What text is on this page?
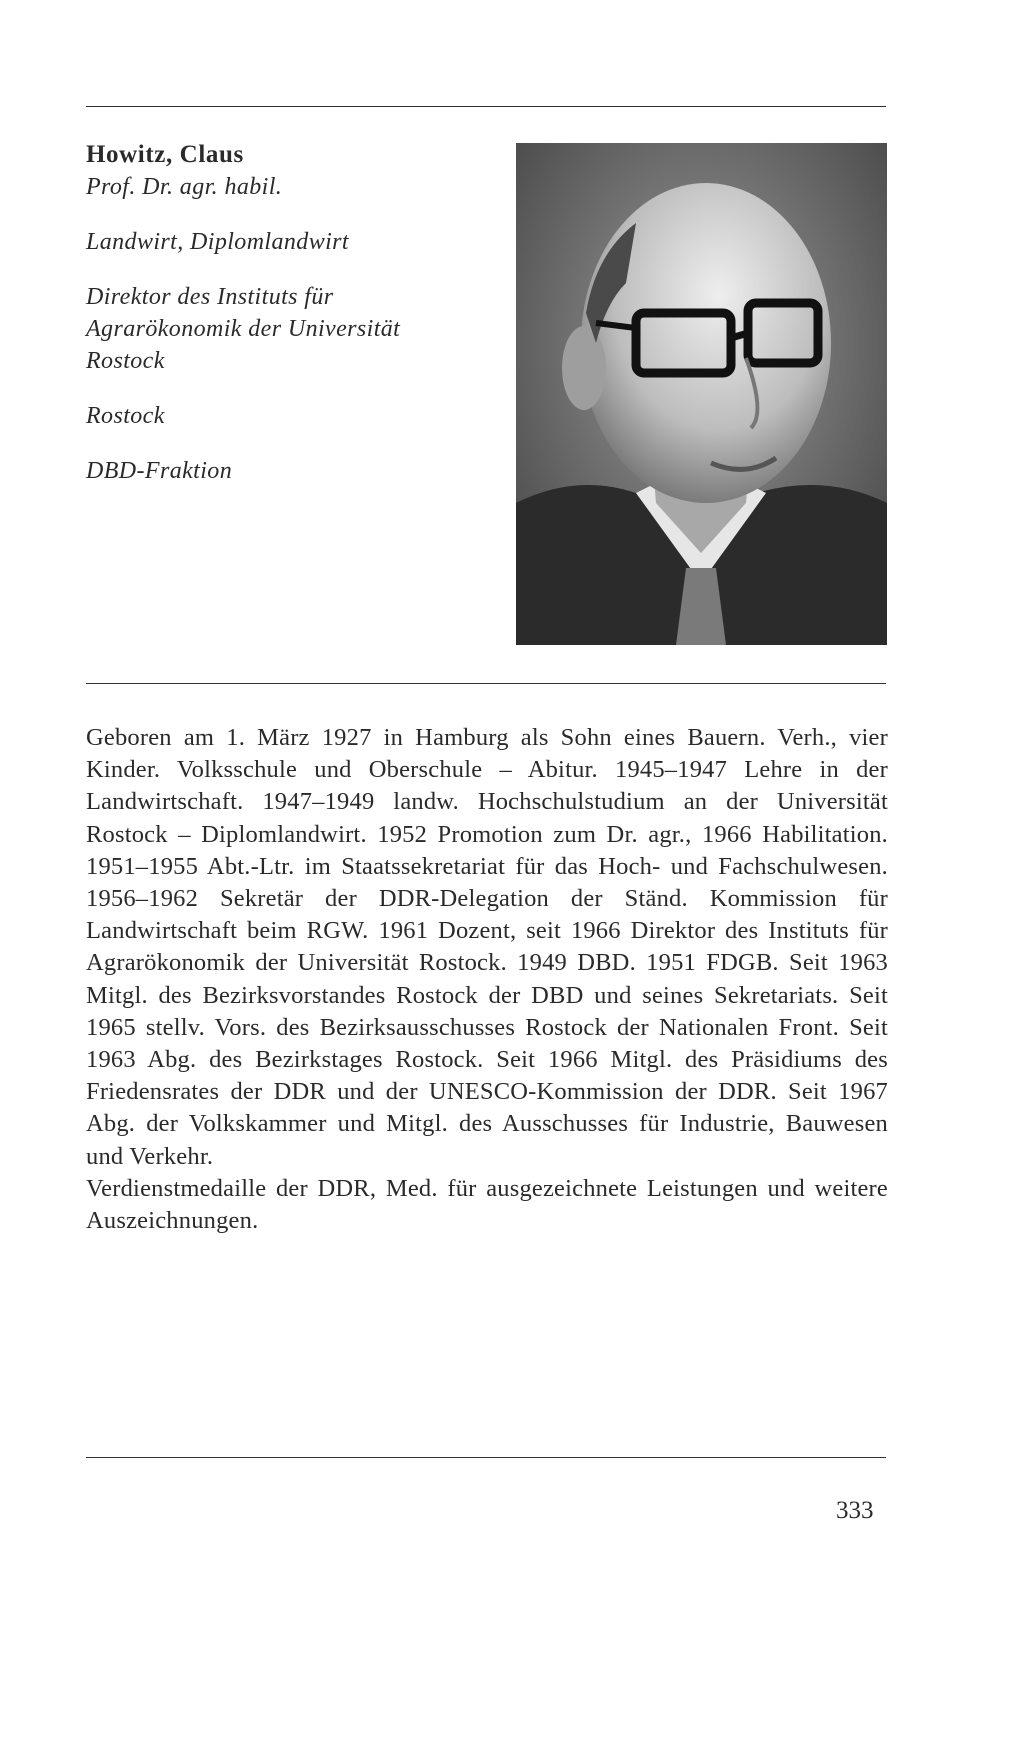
Howitz, Claus
Prof. Dr. agr. habil.
Landwirt, Diplomlandwirt
Direktor des Instituts für
Agrarökonomik der Universität
Rostock
Rostock
DBD-Fraktion

Geboren am 1. März 1927 in Hamburg als Sohn eines Bauern. Verh., vier Kinder. Volksschule und Oberschule – Abitur. 1945–1947 Lehre in der Landwirtschaft. 1947–1949 landw. Hochschulstudium an der Universität Rostock – Diplomlandwirt. 1952 Promotion zum Dr. agr., 1966 Habilitation. 1951–1955 Abt.-Ltr. im Staatssekretariat für das Hoch- und Fachschulwesen. 1956–1962 Sekretär der DDR-Delegation der Ständ. Kommission für Landwirtschaft beim RGW. 1961 Dozent, seit 1966 Direktor des Instituts für Agrarökonomik der Universität Rostock. 1949 DBD. 1951 FDGB. Seit 1963 Mitgl. des Bezirksvorstandes Rostock der DBD und seines Sekretariats. Seit 1965 stellv. Vors. des Bezirksausschusses Rostock der Nationalen Front. Seit 1963 Abg. des Bezirkstages Rostock. Seit 1966 Mitgl. des Präsidiums des Friedensrates der DDR und der UNESCO-Kommission der DDR. Seit 1967 Abg. der Volkskammer und Mitgl. des Ausschusses für Industrie, Bauwesen und Verkehr.

Verdienstmedaille der DDR, Med. für ausgezeichnete Leistungen und weitere Auszeichnungen.

333
